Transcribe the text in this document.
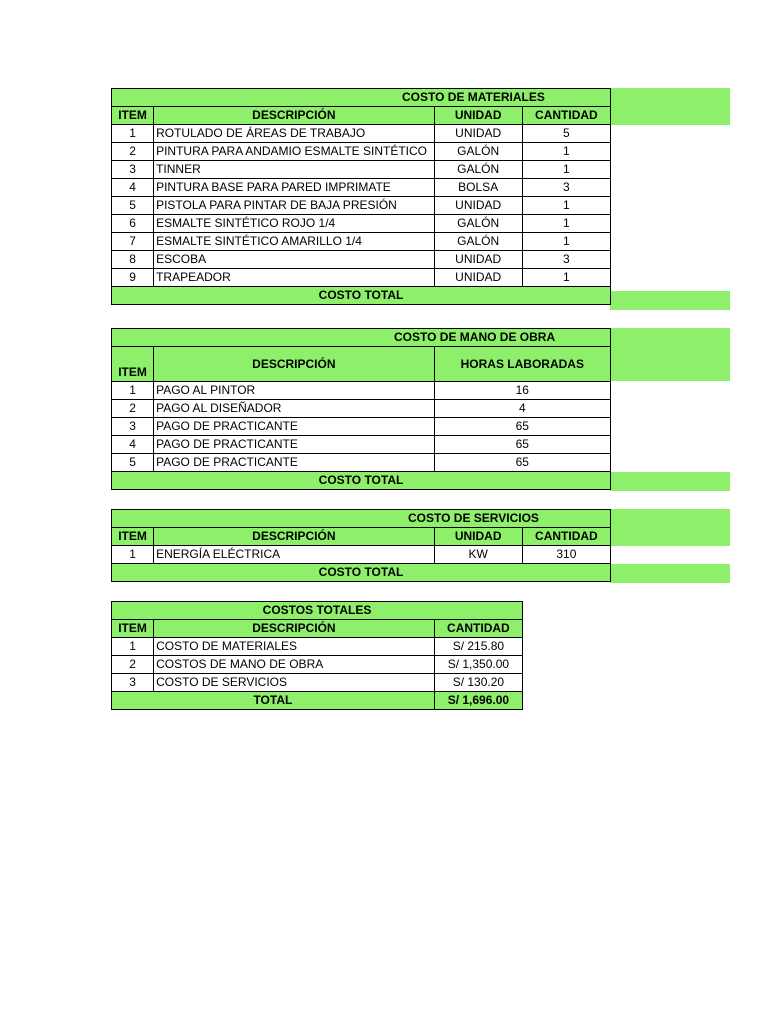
COSTO DE MATERIALES			
ITEM	DESCRIPCIÓN	UNIDAD	CANTIDAD
1	ROTULADO DE ÁREAS DE TRABAJO	UNIDAD	5
2	PINTURA PARA ANDAMIO ESMALTE SINTÉTICO	GALÓN	1
3	TINNER	GALÓN	1
4	PINTURA BASE PARA PARED IMPRIMATE	BOLSA	3
5	PISTOLA PARA PINTAR DE BAJA PRESIÓN	UNIDAD	1
6	ESMALTE SINTÉTICO ROJO 1/4	GALÓN	1
7	ESMALTE SINTÉTICO AMARILLO 1/4	GALÓN	1
8	ESCOBA	UNIDAD	3
9	TRAPEADOR	UNIDAD	1
COSTO TOTAL			
COSTO DE MANO DE OBRA		
ITEM	DESCRIPCIÓN	HORAS LABORADAS
1	PAGO AL PINTOR	16
2	PAGO AL DISEÑADOR	4
3	PAGO DE PRACTICANTE	65
4	PAGO DE PRACTICANTE	65
5	PAGO DE PRACTICANTE	65
COSTO TOTAL		
COSTO DE SERVICIOS			
ITEM	DESCRIPCIÓN	UNIDAD	CANTIDAD
1	ENERGÍA ELÉCTRICA	KW	310
COSTO TOTAL			
COSTOS TOTALES		
ITEM	DESCRIPCIÓN	CANTIDAD
1	COSTO DE MATERIALES	S/ 215.80
2	COSTOS DE MANO DE OBRA	S/ 1,350.00
3	COSTO DE SERVICIOS	S/ 130.20
TOTAL		S/ 1,696.00
